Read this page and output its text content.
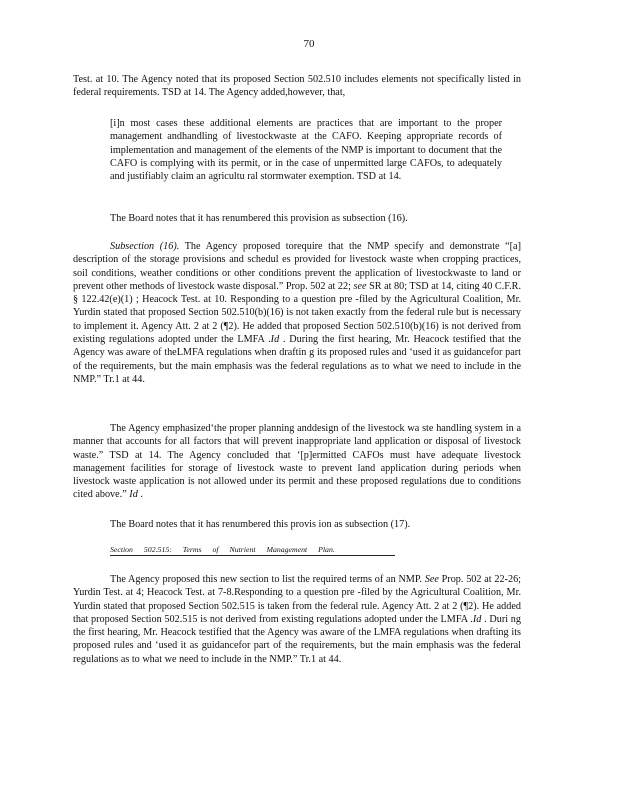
70
Test. at 10. The Agency noted that its proposed Section 502.510 includes elements not specifically listed in federal requirements. TSD at 14. The Agency added,however, that,
[i]n most cases these additional elements are practices that are important to the proper management andhandling of livestockwaste at the CAFO. Keeping appropriate records of implementation and management of the elements of the NMP is important to document that the CAFO is complying with its permit, or in the case of unpermitted large CAFOs, to adequately and justifiably claim an agricultu ral stormwater exemption. TSD at 14.
The Board notes that it has renumbered this provision as subsection (16).
Subsection (16). The Agency proposed torequire that the NMP specify and demonstrate “[a] description of the storage provisions and schedul es provided for livestock waste when cropping practices, soil conditions, weather conditions or other conditions prevent the application of livestockwaste to land or prevent other methods of livestock waste disposal.” Prop. 502 at 22; see SR at 80; TSD at 14, citing 40 C.F.R. § 122.42(e)(1) ; Heacock Test. at 10. Responding to a question pre -filed by the Agricultural Coalition, Mr. Yurdin stated that proposed Section 502.510(b)(16) is not taken exactly from the federal rule but is necessary to implement it. Agency Att. 2 at 2 (¶2). He added that proposed Section 502.510(b)(16) is not derived from existing regulations adopted under the LMFA .Id . During the first hearing, Mr. Heacock testified that the Agency was aware of theLMFA regulations when draftin g its proposed rules and ‘used it as guidancefor part of the requirements, but the main emphasis was the federal regulations as to what we need to include in the NMP.” Tr.1 at 44.
The Agency emphasized‘the proper planning anddesign of the livestock wa ste handling system in a manner that accounts for all factors that will prevent inappropriate land application or disposal of livestock waste.” TSD at 14. The Agency concluded that ‘[p]ermitted CAFOs must have adequate livestock management facilities for storage of livestock waste to prevent land application during periods when livestock waste application is not allowed under its permit and these proposed regulations due to conditions cited above.” Id .
The Board notes that it has renumbered this provis ion as subsection (17).
Section 502.515: Terms of Nutrient Management Plan.
The Agency proposed this new section to list the required terms of an NMP. See Prop. 502 at 22-26; Yurdin Test. at 4; Heacock Test. at 7-8.Responding to a question pre -filed by the Agricultural Coalition, Mr. Yurdin stated that proposed Section 502.515 is taken from the federal rule. Agency Att. 2 at 2 (¶2). He added that proposed Section 502.515 is not derived from existing regulations adopted under the LMFA .Id . Duri ng the first hearing, Mr. Heacock testified that the Agency was aware of the LMFA regulations when drafting its proposed rules and ‘used it as guidancefor part of the requirements, but the main emphasis was the federal regulations as to what we need to include in the NMP.” Tr.1 at 44.
